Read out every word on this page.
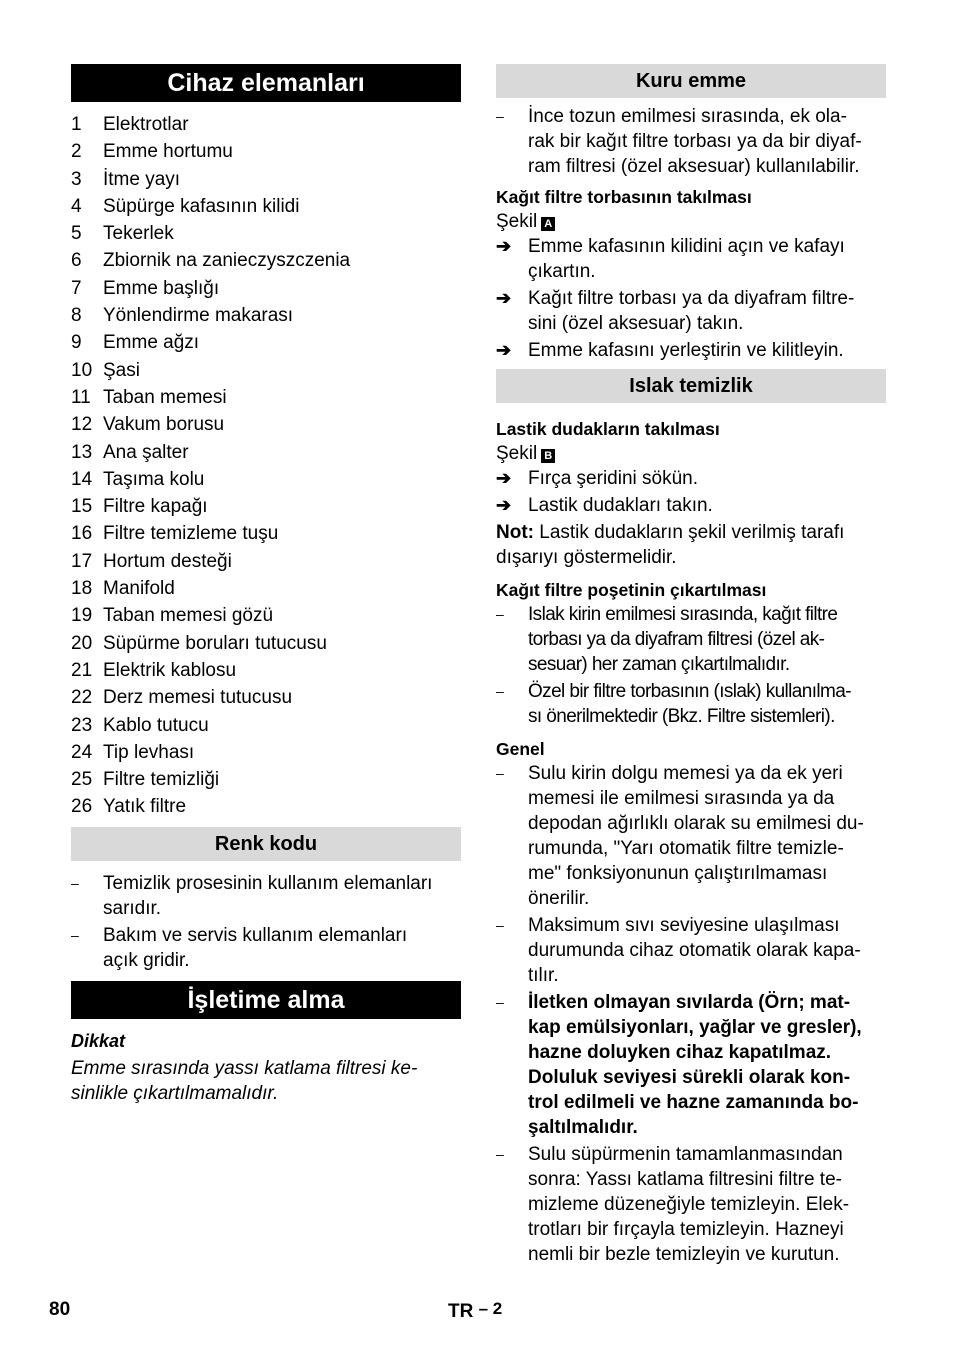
Cihaz elemanları
1	Elektrotlar
2	Emme hortumu
3	İtme yayı
4	Süpürge kafasının kilidi
5	Tekerlek
6	Zbiornik na zanieczyszczenia
7	Emme başlığı
8	Yönlendirme makarası
9	Emme ağzı
10 Şasi
11 Taban memesi
12 Vakum borusu
13 Ana şalter
14 Taşıma kolu
15 Filtre kapağı
16 Filtre temizleme tuşu
17 Hortum desteği
18 Manifold
19 Taban memesi gözü
20 Süpürme boruları tutucusu
21 Elektrik kablosu
22 Derz memesi tutucusu
23 Kablo tutucu
24 Tip levhası
25 Filtre temizliği
26 Yatık filtre
Renk kodu
–	Temizlik prosesinin kullanım elemanları
sarıdır.
–	Bakım ve servis kullanım elemanları
açık gridir.
İşletime alma
Dikkat
Emme sırasında yassı katlama filtresi ke-
sinlikle çıkartılmamalıdır.
Kuru emme
–	İnce tozun emilmesi sırasında, ek ola-
rak bir kağıt filtre torbası ya da bir diyaf-
ram filtresi (özel aksesuar) kullanılabilir.
Kağıt filtre torbasının takılması
Şekil A
➔ Emme kafasının kilidini açın ve kafayı
çıkartın.
➔ Kağıt filtre torbası ya da diyafram filtre-
sini (özel aksesuar) takın.
➔ Emme kafasını yerleştirin ve kilitleyin.
Islak temizlik
Lastik dudakların takılması
Şekil B
➔ Fırça şeridini sökün.
➔ Lastik dudakları takın.
Not: Lastik dudakların şekil verilmiş tarafı
dışarıyı göstermelidir.
Kağıt filtre poşetinin çıkartılması
–	Islak kirin emilmesi sırasında, kağıt filtre
torbası ya da diyafram filtresi (özel ak-
sesuar) her zaman çıkartılmalıdır.
–	Özel bir filtre torbasının (ıslak) kullanılma-
sı önerilmektedir (Bkz. Filtre sistemleri).
Genel
–	Sulu kirin dolgu memesi ya da ek yeri
memesi ile emilmesi sırasında ya da
depodan ağırlıklı olarak su emilmesi du-
rumunda, "Yarı otomatik filtre temizle-
me" fonksiyonunun çalıştırılmaması
önerilir.
–	Maksimum sıvı seviyesine ulaşılması
durumunda cihaz otomatik olarak kapa-
tılır.
–	İletken olmayan sıvılarda (Örn; mat-
kap emülsiyonları, yağlar ve gresler),
hazne doluyken cihaz kapatılmaz.
Doluluk seviyesi sürekli olarak kon-
trol edilmeli ve hazne zamanında bo-
şaltılmalıdır.
–	Sulu süpürmenin tamamlanmasından
sonra: Yassı katlama filtresini filtre te-
mizleme düzeneğiyle temizleyin. Elek-
trotları bir fırçayla temizleyin. Hazneyi
nemli bir bezle temizleyin ve kurutun.
80	TR – 2
